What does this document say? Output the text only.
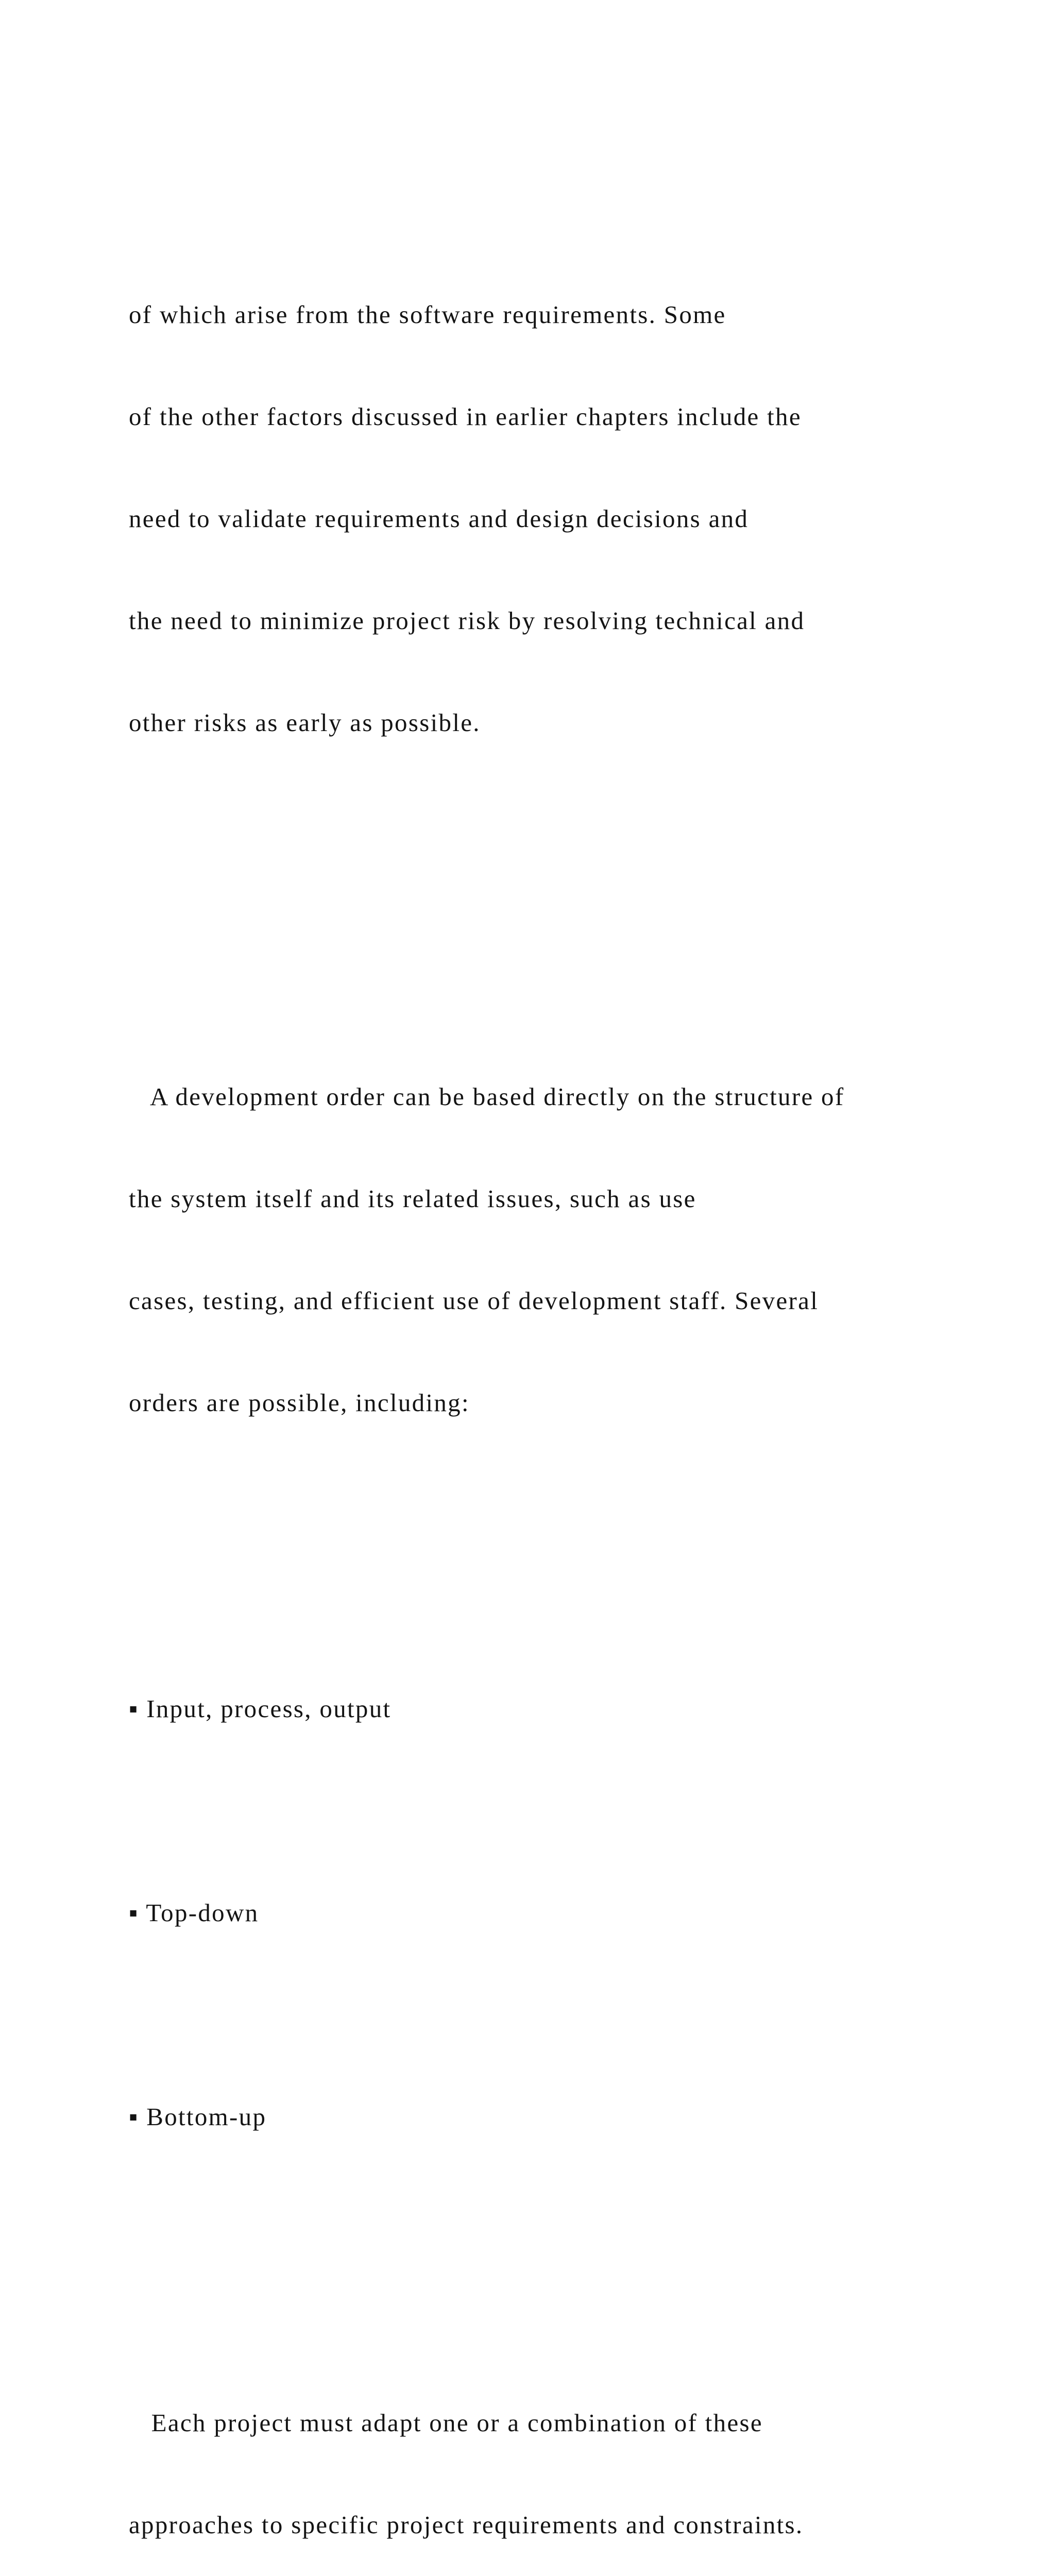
of which arise from the software requirements. Some

of the other factors discussed in earlier chapters include the

need to validate requirements and design decisions and

the need to minimize project risk by resolving technical and

other risks as early as possible.

A development order can be based directly on the structure of

the system itself and its related issues, such as use

cases, testing, and efficient use of development staff. Several

orders are possible, including:

▪ Input, process, output

▪ Top-down

▪ Bottom-up

Each project must adapt one or a combination of these

approaches to specific project requirements and constraints.
